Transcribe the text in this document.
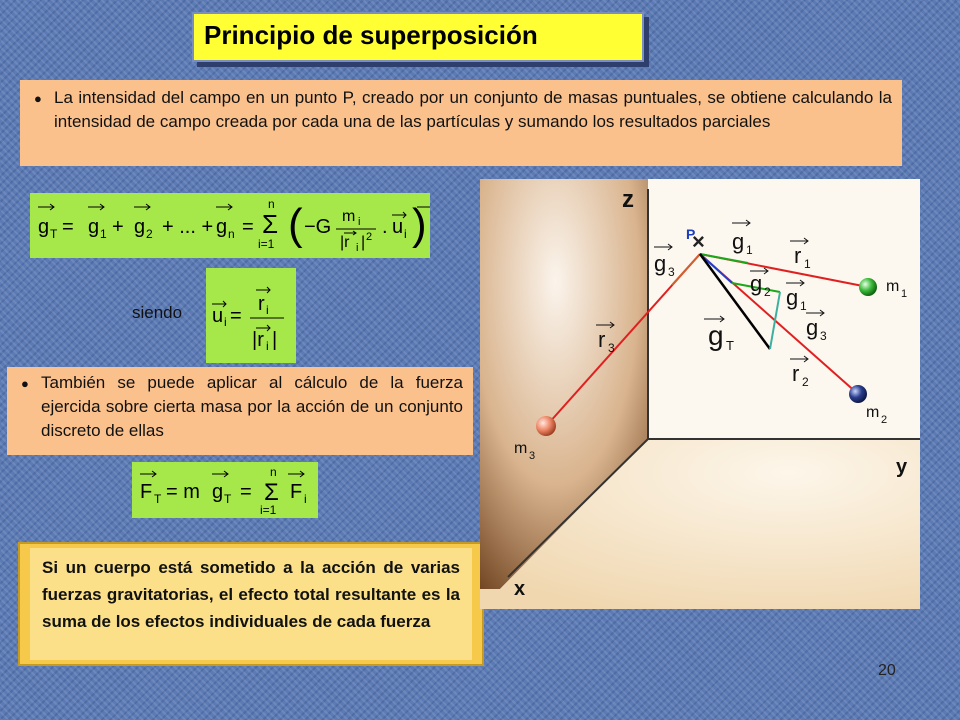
Principio de superposición
● La intensidad del campo en un punto P, creado por un conjunto de masas puntuales, se obtiene calculando la intensidad de campo creada por cada una de las partículas y sumando los resultados parciales
g T = g 1 + g 2 + ... + g n =
n
Σ
i=1 ( −G m i
|r i | 2 . u i )
siendo	u i =
r i
|r i |
● También se puede aplicar al cálculo de la fuerza ejercida sobre cierta masa por la acción de un conjunto discreto de ellas
F T = m g T =
n
Σ
i=1
F i
Si un cuerpo está sometido a la acción de varias fuerzas gravitatorias, el efecto total resultante es la suma de los efectos individuales de cada fuerza
z
y
x
×
P
m 1
m 2
m 3
g 1
g 3	g 2
r 1
g 1
g 3
g T
r 3
r 2
20
